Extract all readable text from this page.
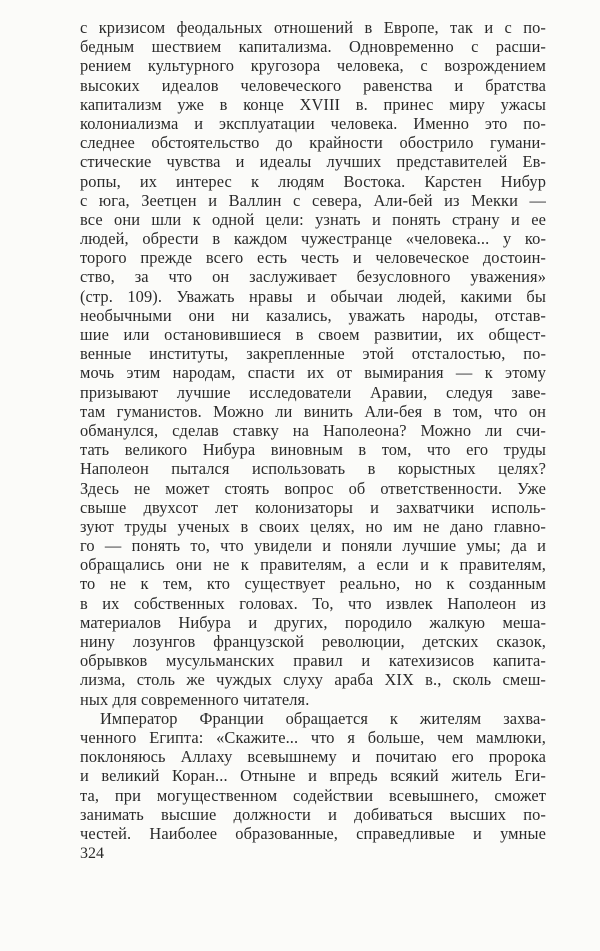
с кризисом феодальных отношений в Европе, так и с по-
бедным шествием капитализма. Одновременно с расши-
рением культурного кругозора человека, с возрождением
высоких идеалов человеческого равенства и братства
капитализм уже в конце XVIII в. принес миру ужасы
колониализма и эксплуатации человека. Именно это по-
следнее обстоятельство до крайности обострило гумани-
стические чувства и идеалы лучших представителей Ев-
ропы, их интерес к людям Востока. Карстен Нибур
с юга, Зеетцен и Валлин с севера, Али-бей из Мекки —
все они шли к одной цели: узнать и понять страну и ее
людей, обрести в каждом чужестранце «человека... у ко-
торого прежде всего есть честь и человеческое достоин-
ство, за что он заслуживает безусловного уважения»
(стр. 109). Уважать нравы и обычаи людей, какими бы
необычными они ни казались, уважать народы, отстав-
шие или остановившиеся в своем развитии, их общест-
венные институты, закрепленные этой отсталостью, по-
мочь этим народам, спасти их от вымирания — к этому
призывают лучшие исследователи Аравии, следуя заве-
там гуманистов. Можно ли винить Али-бея в том, что он
обманулся, сделав ставку на Наполеона? Можно ли счи-
тать великого Нибура виновным в том, что его труды
Наполеон пытался использовать в корыстных целях?
Здесь не может стоять вопрос об ответственности. Уже
свыше двухсот лет колонизаторы и захватчики исполь-
зуют труды ученых в своих целях, но им не дано главно-
го — понять то, что увидели и поняли лучшие умы; да и
обращались они не к правителям, а если и к правителям,
то не к тем, кто существует реально, но к созданным
в их собственных головах. То, что извлек Наполеон из
материалов Нибура и других, породило жалкую меша-
нину лозунгов французской революции, детских сказок,
обрывков мусульманских правил и катехизисов капита-
лизма, столь же чуждых слуху араба XIX в., сколь смеш-
ных для современного читателя.
Император Франции обращается к жителям захва-
ченного Египта: «Скажите... что я больше, чем мамлюки,
поклоняюсь Аллаху всевышнему и почитаю его пророка
и великий Коран... Отныне и впредь всякий житель Еги-
та, при могущественном содействии всевышнего, сможет
занимать высшие должности и добиваться высших по-
честей. Наиболее образованные, справедливые и умные
324
